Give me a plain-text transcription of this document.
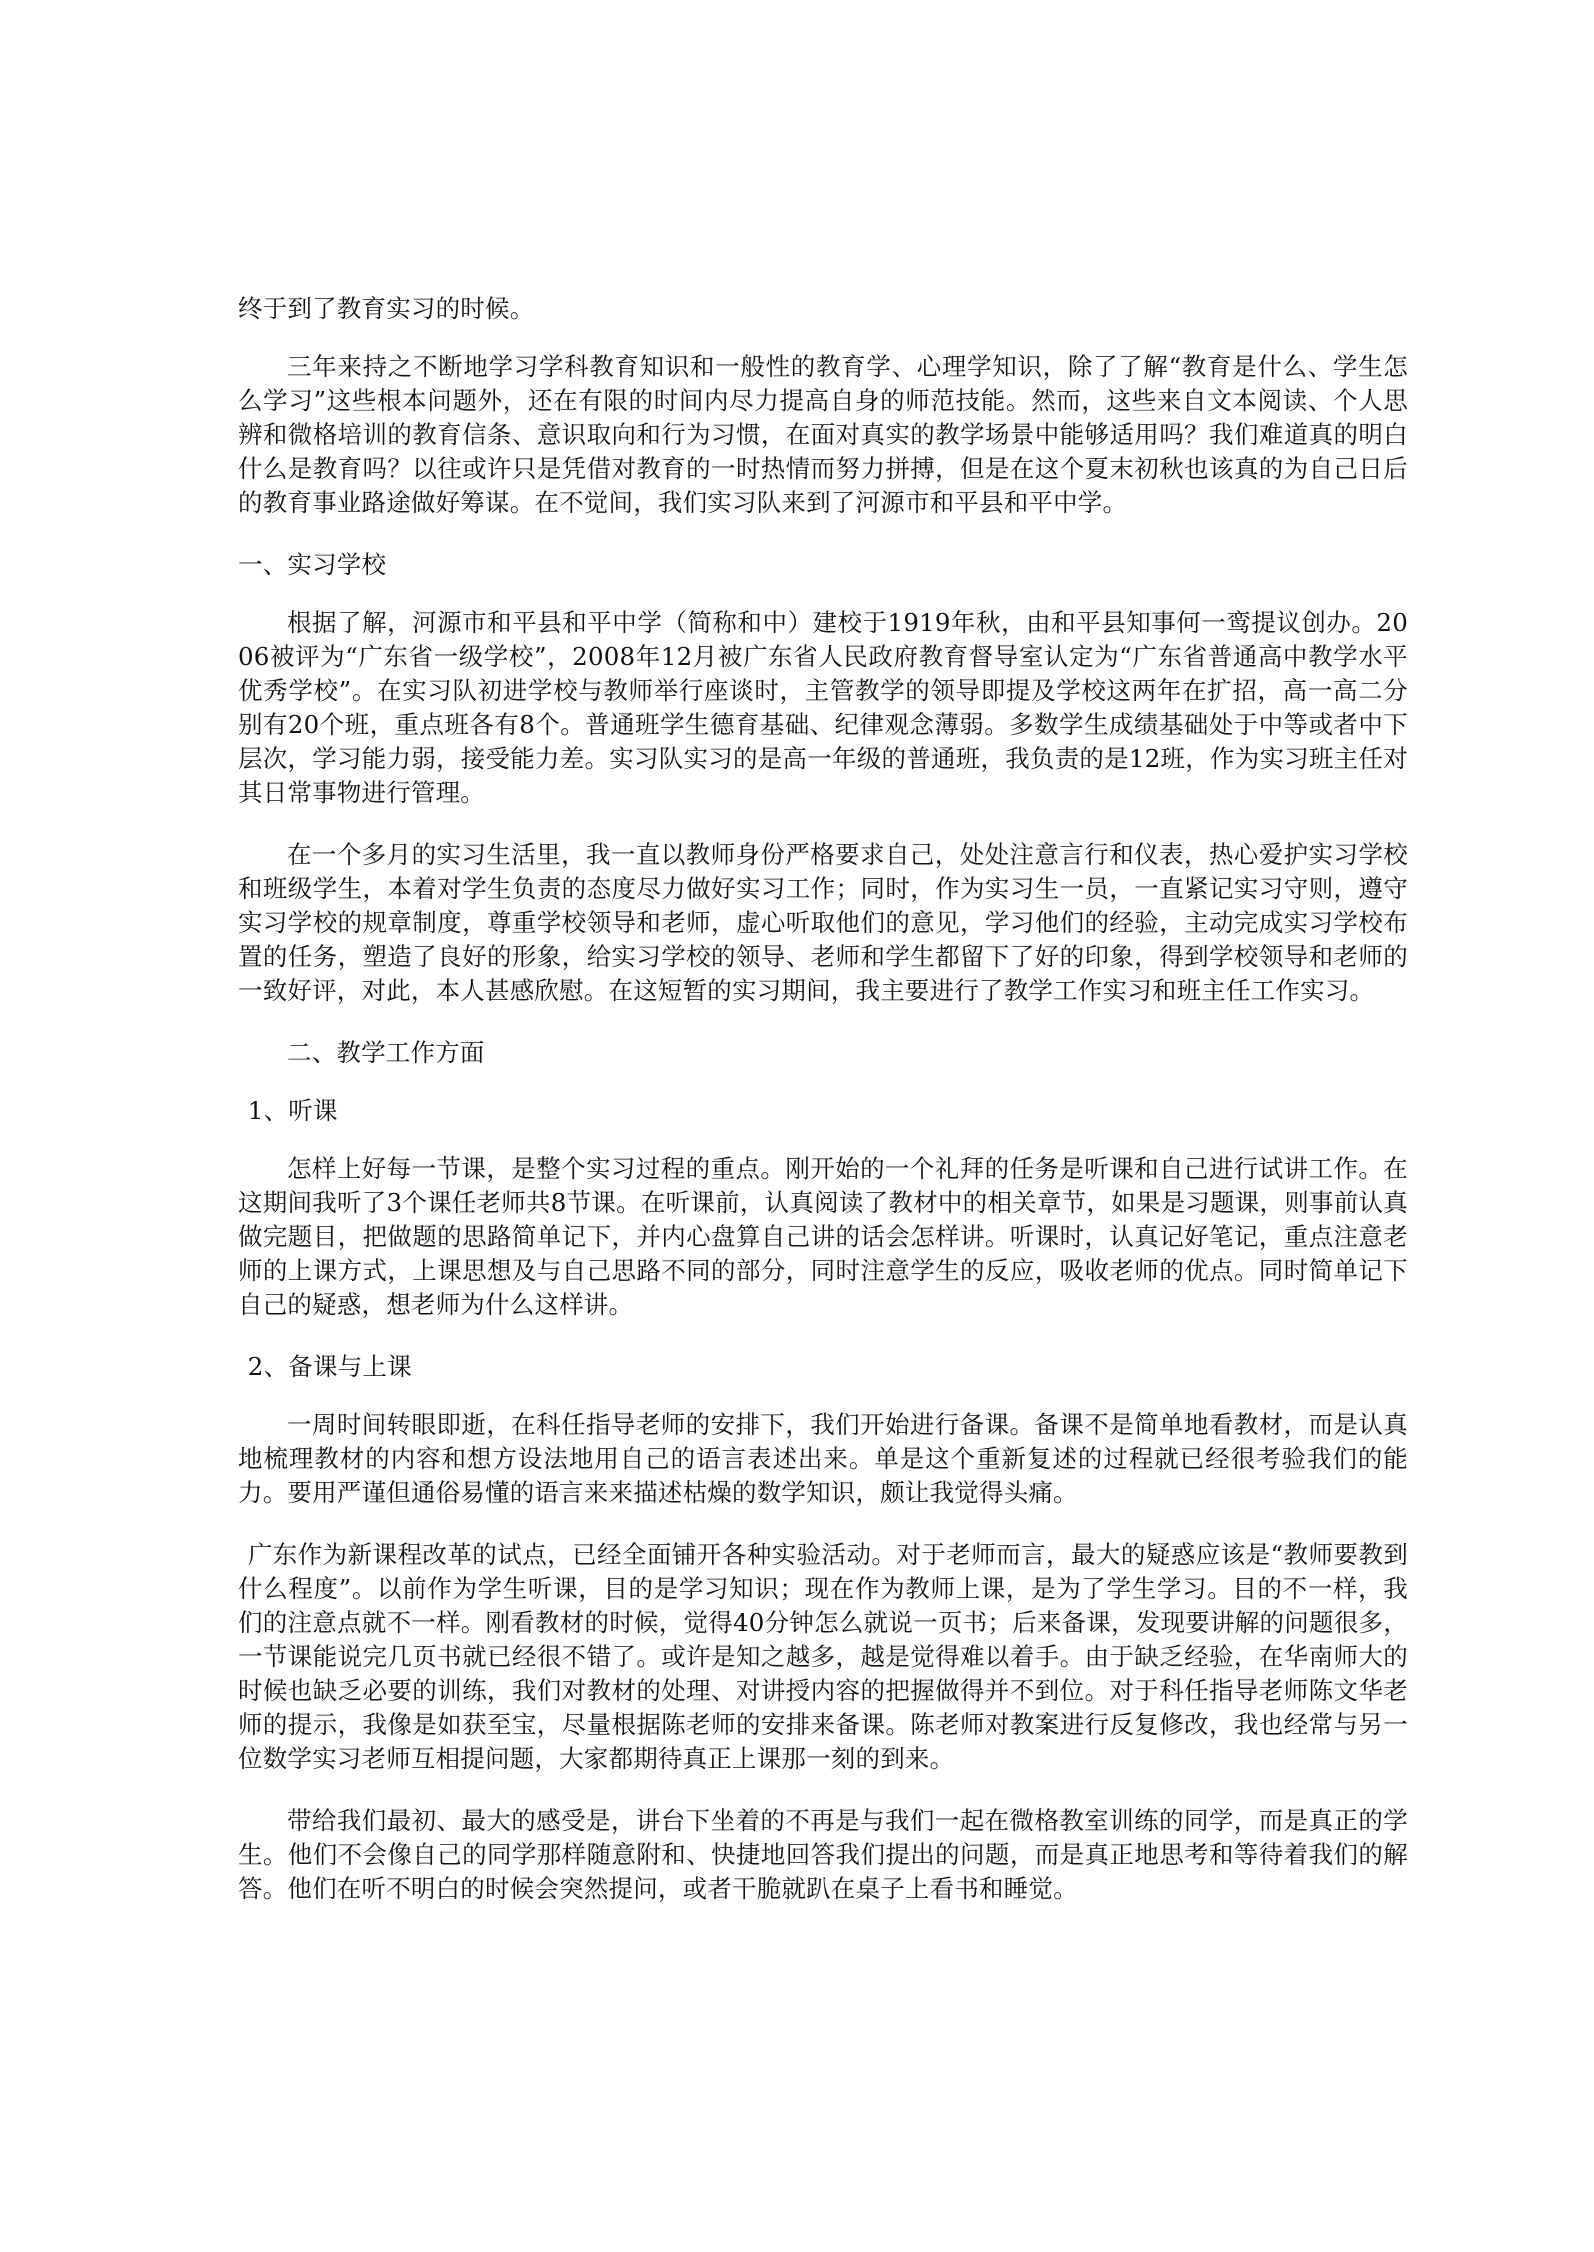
终于到了教育实习的时候。

三年来持之不断地学习学科教育知识和一般性的教育学、心理学知识，除了了解“教育是什么、学生怎么学习”这些根本问题外，还在有限的时间内尽力提高自身的师范技能。然而，这些来自文本阅读、个人思辨和微格培训的教育信条、意识取向和行为习惯，在面对真实的教学场景中能够适用吗？我们难道真的明白什么是教育吗？以往或许只是凭借对教育的一时热情而努力拼搏，但是在这个夏末初秋也该真的为自己日后的教育事业路途做好筹谋。在不觉间，我们实习队来到了河源市和平县和平中学。

一、实习学校

根据了解，河源市和平县和平中学（简称和中）建校于1919年秋，由和平县知事何一鸾提议创办。2006被评为“广东省一级学校”，2008年12月被广东省人民政府教育督导室认定为“广东省普通高中教学水平优秀学校”。在实习队初进学校与教师举行座谈时，主管教学的领导即提及学校这两年在扩招，高一高二分别有20个班，重点班各有8个。普通班学生德育基础、纪律观念薄弱。多数学生成绩基础处于中等或者中下层次，学习能力弱，接受能力差。实习队实习的是高一年级的普通班，我负责的是12班，作为实习班主任对其日常事物进行管理。

在一个多月的实习生活里，我一直以教师身份严格要求自己，处处注意言行和仪表，热心爱护实习学校和班级学生，本着对学生负责的态度尽力做好实习工作；同时，作为实习生一员，一直紧记实习守则，遵守实习学校的规章制度，尊重学校领导和老师，虚心听取他们的意见，学习他们的经验，主动完成实习学校布置的任务，塑造了良好的形象，给实习学校的领导、老师和学生都留下了好的印象，得到学校领导和老师的一致好评，对此，本人甚感欣慰。在这短暂的实习期间，我主要进行了教学工作实习和班主任工作实习。

二、教学工作方面

1、听课

怎样上好每一节课，是整个实习过程的重点。刚开始的一个礼拜的任务是听课和自己进行试讲工作。在这期间我听了3个课任老师共8节课。在听课前，认真阅读了教材中的相关章节，如果是习题课，则事前认真做完题目，把做题的思路简单记下，并内心盘算自己讲的话会怎样讲。听课时，认真记好笔记，重点注意老师的上课方式，上课思想及与自己思路不同的部分，同时注意学生的反应，吸收老师的优点。同时简单记下自己的疑惑，想老师为什么这样讲。

2、备课与上课

一周时间转眼即逝，在科任指导老师的安排下，我们开始进行备课。备课不是简单地看教材，而是认真地梳理教材的内容和想方设法地用自己的语言表述出来。单是这个重新复述的过程就已经很考验我们的能力。要用严谨但通俗易懂的语言来来描述枯燥的数学知识，颇让我觉得头痛。

广东作为新课程改革的试点，已经全面铺开各种实验活动。对于老师而言，最大的疑惑应该是“教师要教到什么程度”。以前作为学生听课，目的是学习知识；现在作为教师上课，是为了学生学习。目的不一样，我们的注意点就不一样。刚看教材的时候，觉得40分钟怎么就说一页书；后来备课，发现要讲解的问题很多，一节课能说完几页书就已经很不错了。或许是知之越多，越是觉得难以着手。由于缺乏经验，在华南师大的时候也缺乏必要的训练，我们对教材的处理、对讲授内容的把握做得并不到位。对于科任指导老师陈文华老师的提示，我像是如获至宝，尽量根据陈老师的安排来备课。陈老师对教案进行反复修改，我也经常与另一位数学实习老师互相提问题，大家都期待真正上课那一刻的到来。

带给我们最初、最大的感受是，讲台下坐着的不再是与我们一起在微格教室训练的同学，而是真正的学生。他们不会像自己的同学那样随意附和、快捷地回答我们提出的问题，而是真正地思考和等待着我们的解答。他们在听不明白的时候会突然提问，或者干脆就趴在桌子上看书和睡觉。
